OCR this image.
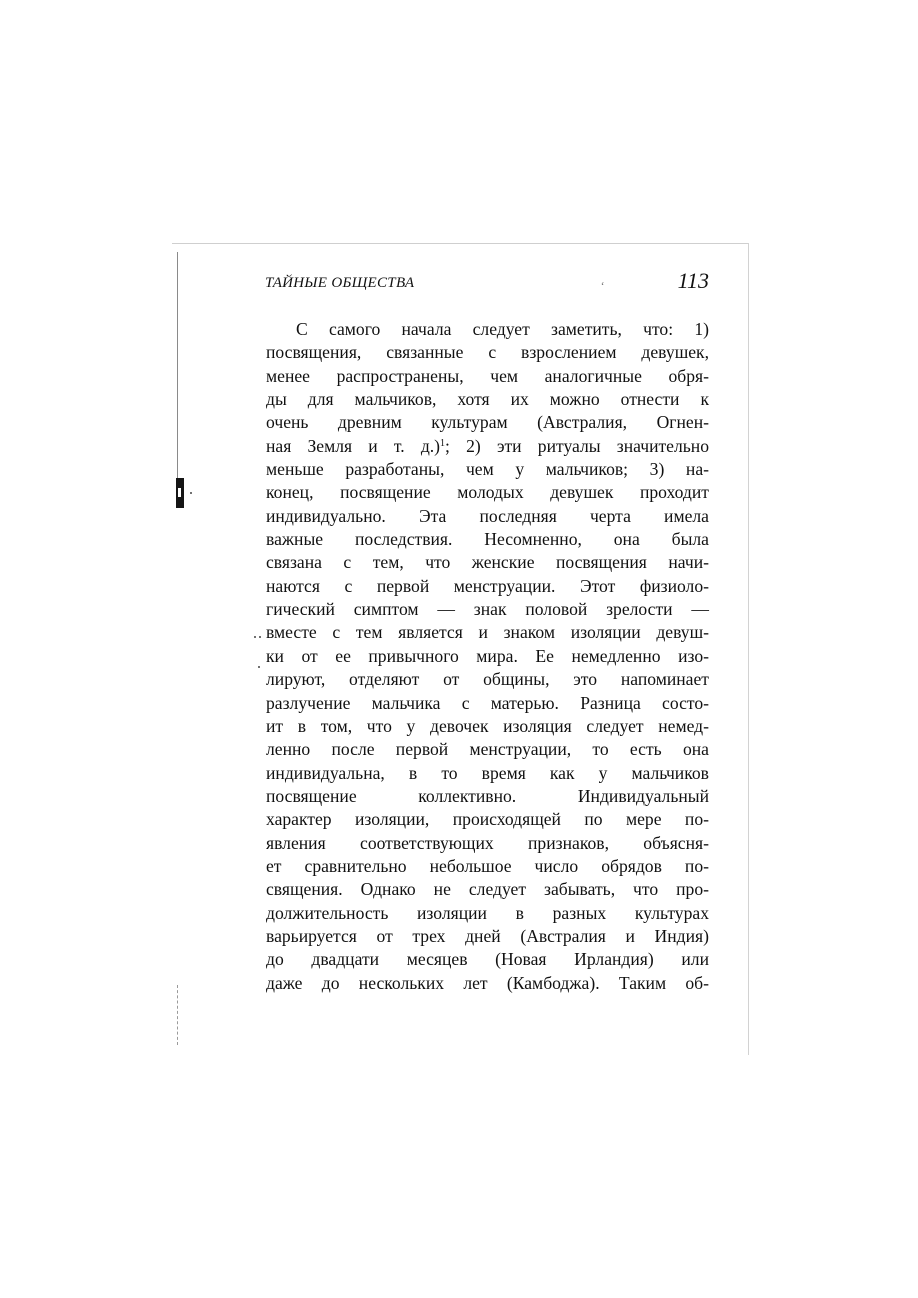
ТАЙНЫЕ ОБЩЕСТВА	ʻ	113
С самого начала следует заметить, что: 1)
посвящения, связанные с взрослением девушек,
менее распространены, чем аналогичные обря-
ды для мальчиков, хотя их можно отнести к
очень древним культурам (Австралия, Огнен-
ная Земля и т. д.)$^1$; 2) эти ритуалы значительно
меньше разработаны, чем у мальчиков; 3) на-
конец, посвящение молодых девушек проходит
индивидуально. Эта последняя черта имела
важные последствия. Несомненно, она была
связана с тем, что женские посвящения начи-
наются с первой менструации. Этот физиоло-
гический симптом — знак половой зрелости —
вместе с тем является и знаком изоляции девуш-
ки от ее привычного мира. Ее немедленно изо-
лируют, отделяют от общины, это напоминает
разлучение мальчика с матерью. Разница состо-
ит в том, что у девочек изоляция следует немед-
ленно после первой менструации, то есть она
индивидуальна, в то время как у мальчиков
посвящение коллективно. Индивидуальный
характер изоляции, происходящей по мере по-
явления соответствующих признаков, объясня-
ет сравнительно небольшое число обрядов по-
священия. Однако не следует забывать, что про-
должительность изоляции в разных культурах
варьируется от трех дней (Австралия и Индия)
до двадцати месяцев (Новая Ирландия) или
даже до нескольких лет (Камбоджа). Таким об-
